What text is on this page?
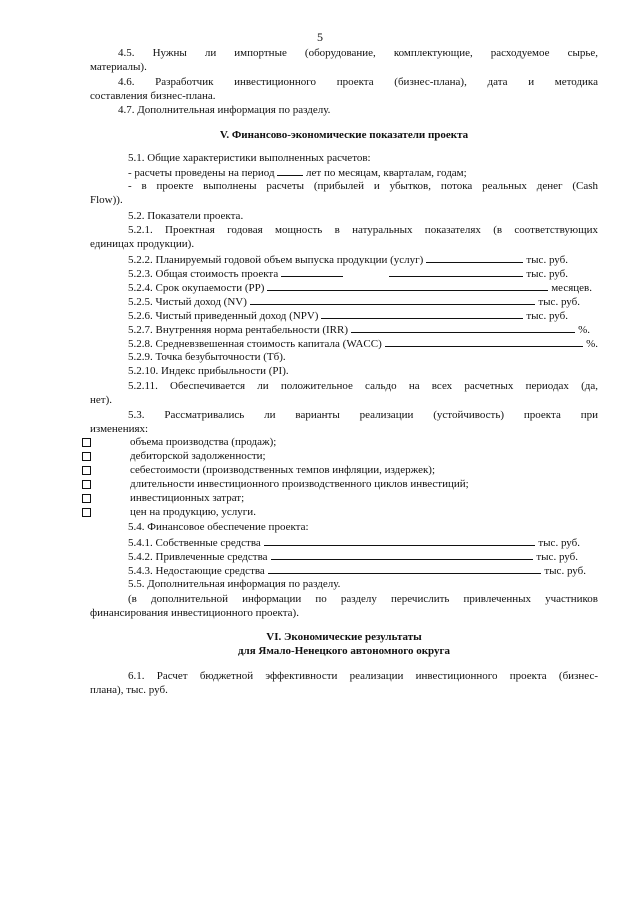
5
4.5. Нужны ли импортные (оборудование, комплектующие, расходуемое сырье,
материалы).
4.6. Разработчик инвестиционного проекта (бизнес-плана), дата и методика
составления бизнес-плана.
4.7. Дополнительная информация по разделу.
V. Финансово-экономические показатели проекта
5.1. Общие характеристики выполненных расчетов:
- расчеты проведены на период	лет по месяцам, кварталам, годам;
- в проекте выполнены расчеты (прибылей и убытков, потока реальных денег (Cash
Flow)).
5.2. Показатели проекта.
5.2.1. Проектная годовая мощность в натуральных показателях (в соответствующих
единицах продукции).
5.2.2. Планируемый годовой объем выпуска продукции (услуг)	тыс. руб.
5.2.3. Общая стоимость проекта	тыс. руб.
5.2.4. Срок окупаемости (PP)	месяцев.
5.2.5. Чистый доход (NV)	тыс. руб.
5.2.6. Чистый приведенный доход (NPV)	тыс. руб.
5.2.7. Внутренняя норма рентабельности (IRR)	%.
5.2.8. Средневзвешенная стоимость капитала (WACC)	%.
5.2.9. Точка безубыточности (Тб).
5.2.10. Индекс прибыльности (PI).
5.2.11. Обеспечивается ли положительное сальдо на всех расчетных периодах (да,
нет).
5.3. Рассматривались ли варианты реализации (устойчивость) проекта при
изменениях:
объема производства (продаж);
дебиторской задолженности;
себестоимости (производственных темпов инфляции, издержек);
длительности инвестиционного производственного циклов инвестиций;
инвестиционных затрат;
цен на продукцию, услуги.
5.4. Финансовое обеспечение проекта:
5.4.1. Собственные средства	тыс. руб.
5.4.2. Привлеченные средства	тыс. руб.
5.4.3. Недостающие средства	тыс. руб.
5.5. Дополнительная информация по разделу.
(в дополнительной информации по разделу перечислить привлеченных участников
финансирования инвестиционного проекта).
VI. Экономические результаты
для Ямало-Ненецкого автономного округа
6.1. Расчет бюджетной эффективности реализации инвестиционного проекта (бизнес-
плана), тыс. руб.
